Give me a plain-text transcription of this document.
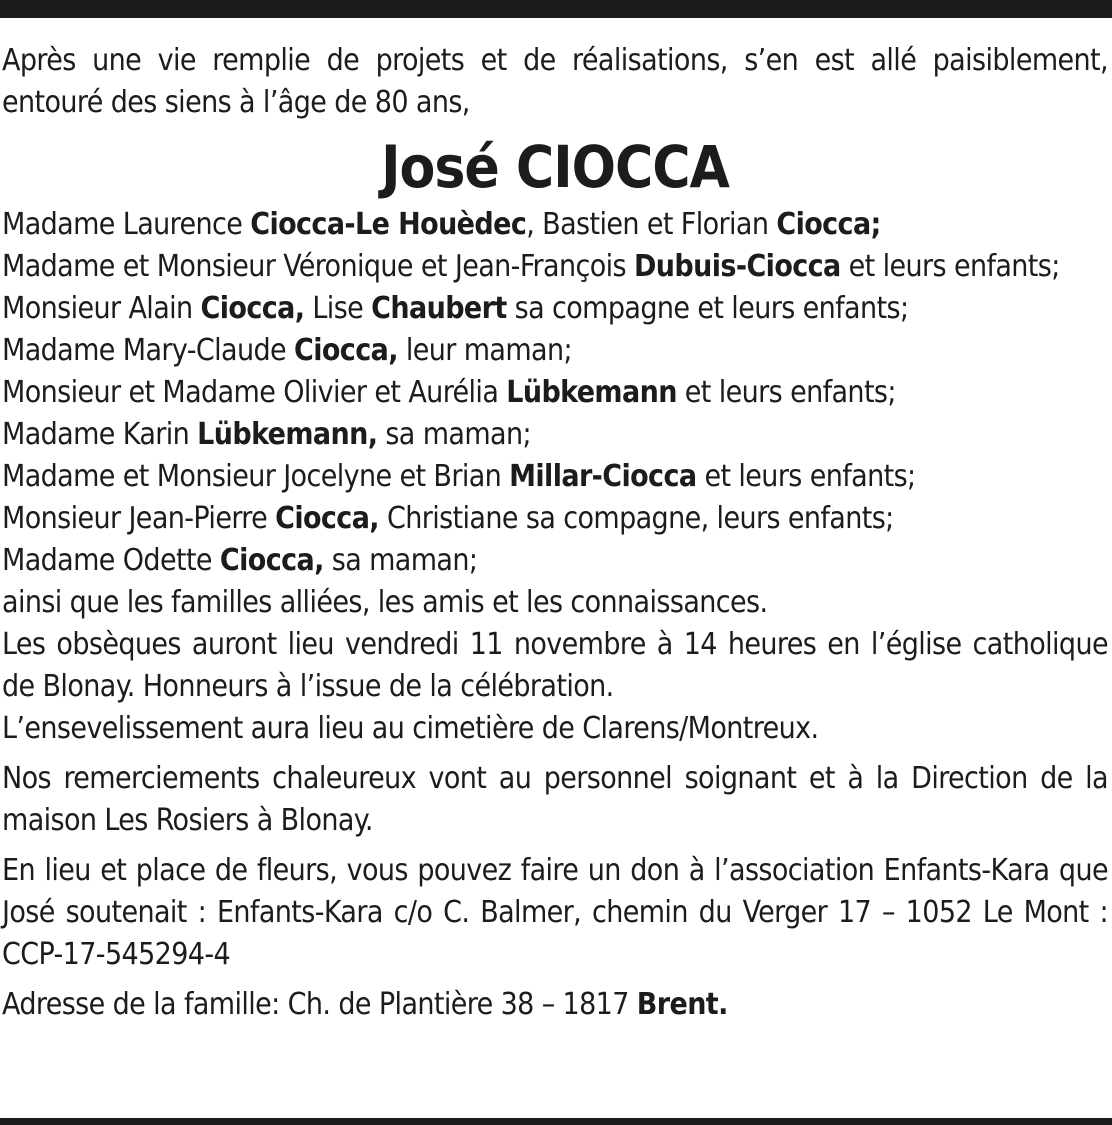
Après une vie remplie de projets et de réalisations, s’en est allé paisiblement, entouré des siens à l’âge de 80 ans,

José CIOCCA
Madame Laurence Ciocca-Le Houèdec, Bastien et Florian Ciocca;
Madame et Monsieur Véronique et Jean-François Dubuis-Ciocca et leurs enfants;
Monsieur Alain Ciocca, Lise Chaubert sa compagne et leurs enfants;
Madame Mary-Claude Ciocca, leur maman;
Monsieur et Madame Olivier et Aurélia Lübkemann et leurs enfants;
Madame Karin Lübkemann, sa maman;
Madame et Monsieur Jocelyne et Brian Millar-Ciocca et leurs enfants;
Monsieur Jean-Pierre Ciocca, Christiane sa compagne, leurs enfants;
Madame Odette Ciocca, sa maman;

ainsi que les familles alliées, les amis et les connaissances.

Les obsèques auront lieu vendredi 11 novembre à 14 heures en l’église catholique de Blonay. Honneurs à l’issue de la célébration.

L’ensevelissement aura lieu au cimetière de Clarens/Montreux.

Nos remerciements chaleureux vont au personnel soignant et à la Direction de la maison Les Rosiers à Blonay.

En lieu et place de fleurs, vous pouvez faire un don à l’association Enfants-Kara que José soutenait : Enfants-Kara c/o C. Balmer, chemin du Verger 17 – 1052 Le Mont : CCP-17-545294-4

Adresse de la famille: Ch. de Plantière 38 – 1817 Brent.
